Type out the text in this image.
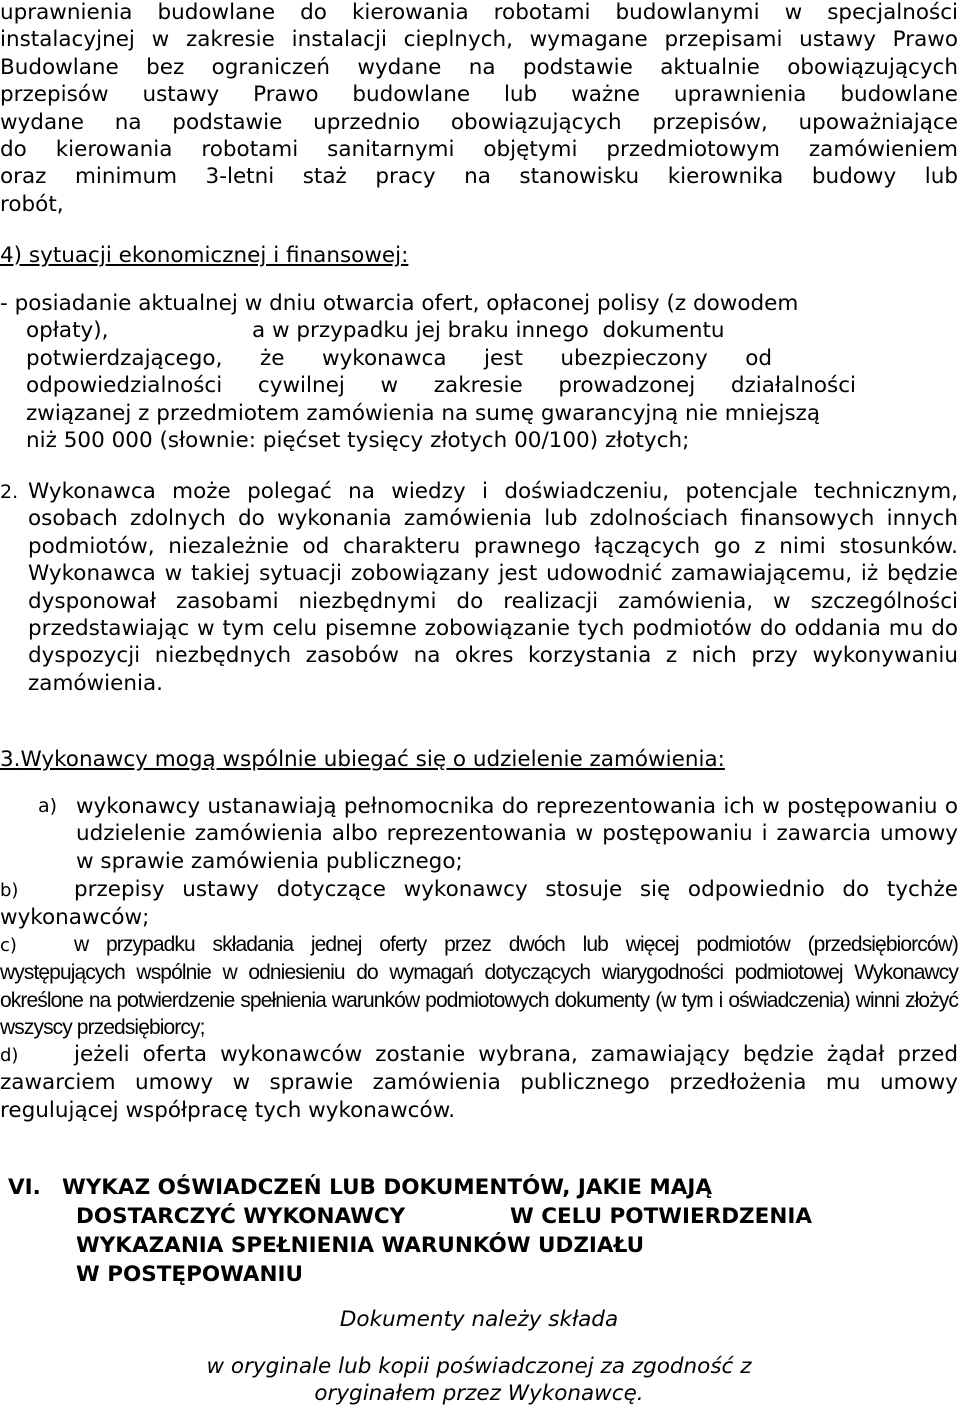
uprawnienia budowlane do kierowania robotami budowlanymi w specjalności
instalacyjnej w zakresie instalacji cieplnych, wymagane przepisami ustawy Prawo
Budowlane bez ograniczeń wydane na podstawie aktualnie obowiązujących
przepisów ustawy Prawo budowlane lub ważne uprawnienia budowlane
wydane na podstawie uprzednio obowiązujących przepisów, upoważniające
do kierowania robotami sanitarnymi objętymi przedmiotowym zamówieniem
oraz minimum 3-letni staż pracy na stanowisku kierownika budowy lub
robót,
4) sytuacji ekonomicznej i finansowej:
- posiadanie aktualnej w dniu otwarcia ofert, opłaconej polisy (z dowodem
opłaty),                     a w przypadku jej braku innego  dokumentu
potwierdzającego, że wykonawca jest ubezpieczony od
odpowiedzialności cywilnej w zakresie prowadzonej działalności
związanej z przedmiotem zamówienia na sumę gwarancyjną nie mniejszą
niż 500 000 (słownie: pięćset tysięcy złotych 00/100) złotych;
2. Wykonawca może polegać na wiedzy i doświadczeniu, potencjale technicznym, osobach zdolnych do wykonania zamówienia lub zdolnościach finansowych innych podmiotów, niezależnie od charakteru prawnego łączących go z nimi stosunków. Wykonawca w takiej sytuacji zobowiązany jest udowodnić zamawiającemu, iż będzie dysponował zasobami niezbędnymi do realizacji zamówienia, w szczególności przedstawiając w tym celu pisemne zobowiązanie tych podmiotów do oddania mu do dyspozycji niezbędnych zasobów na okres korzystania z nich przy wykonywaniu zamówienia.
3.Wykonawcy mogą wspólnie ubiegać się o udzielenie zamówienia:
a) wykonawcy ustanawiają pełnomocnika do reprezentowania ich w postępowaniu o udzielenie zamówienia albo reprezentowania w postępowaniu i zawarcia umowy w sprawie zamówienia publicznego;
b)	przepisy ustawy dotyczące wykonawcy stosuje się odpowiednio do tychże wykonawców;
c)	w przypadku składania jednej oferty przez dwóch lub więcej podmiotów (przedsiębiorców) występujących wspólnie w odniesieniu do wymagań dotyczących wiarygodności podmiotowej Wykonawcy określone na potwierdzenie spełnienia warunków podmiotowych dokumenty (w tym i oświadczenia) winni złożyć wszyscy przedsiębiorcy;
d)	jeżeli oferta wykonawców zostanie wybrana, zamawiający będzie żądał przed zawarciem umowy w sprawie zamówienia publicznego przedłożenia mu umowy regulującej współpracę tych wykonawców.
VI. WYKAZ OŚWIADCZEŃ LUB DOKUMENTÓW, JAKIE MAJĄ
DOSTARCZYĆ WYKONAWCY              W CELU POTWIERDZENIA
WYKAZANIA SPEŁNIENIA WARUNKÓW UDZIAŁU
W POSTĘPOWANIU
Dokumenty należy składa
w oryginale lub kopii poświadczonej za zgodność z
oryginałem przez Wykonawcę.
